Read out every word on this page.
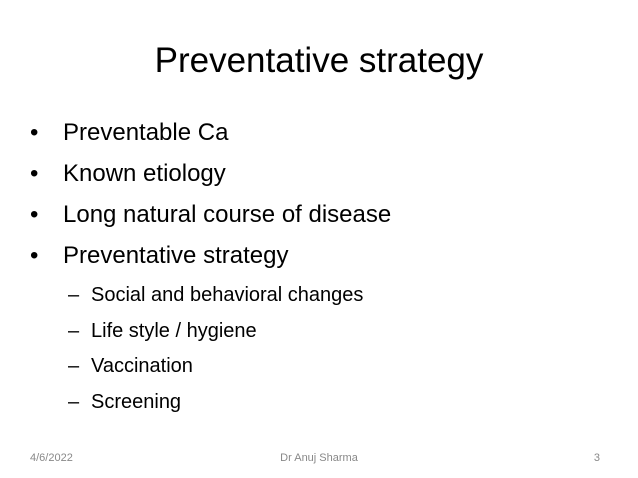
Preventative strategy
•	Preventable Ca
•	Known etiology
•	Long natural course of disease
•	Preventative strategy
– Social and behavioral changes
– Life style / hygiene
– Vaccination
– Screening
4/6/2022	Dr Anuj Sharma	3
